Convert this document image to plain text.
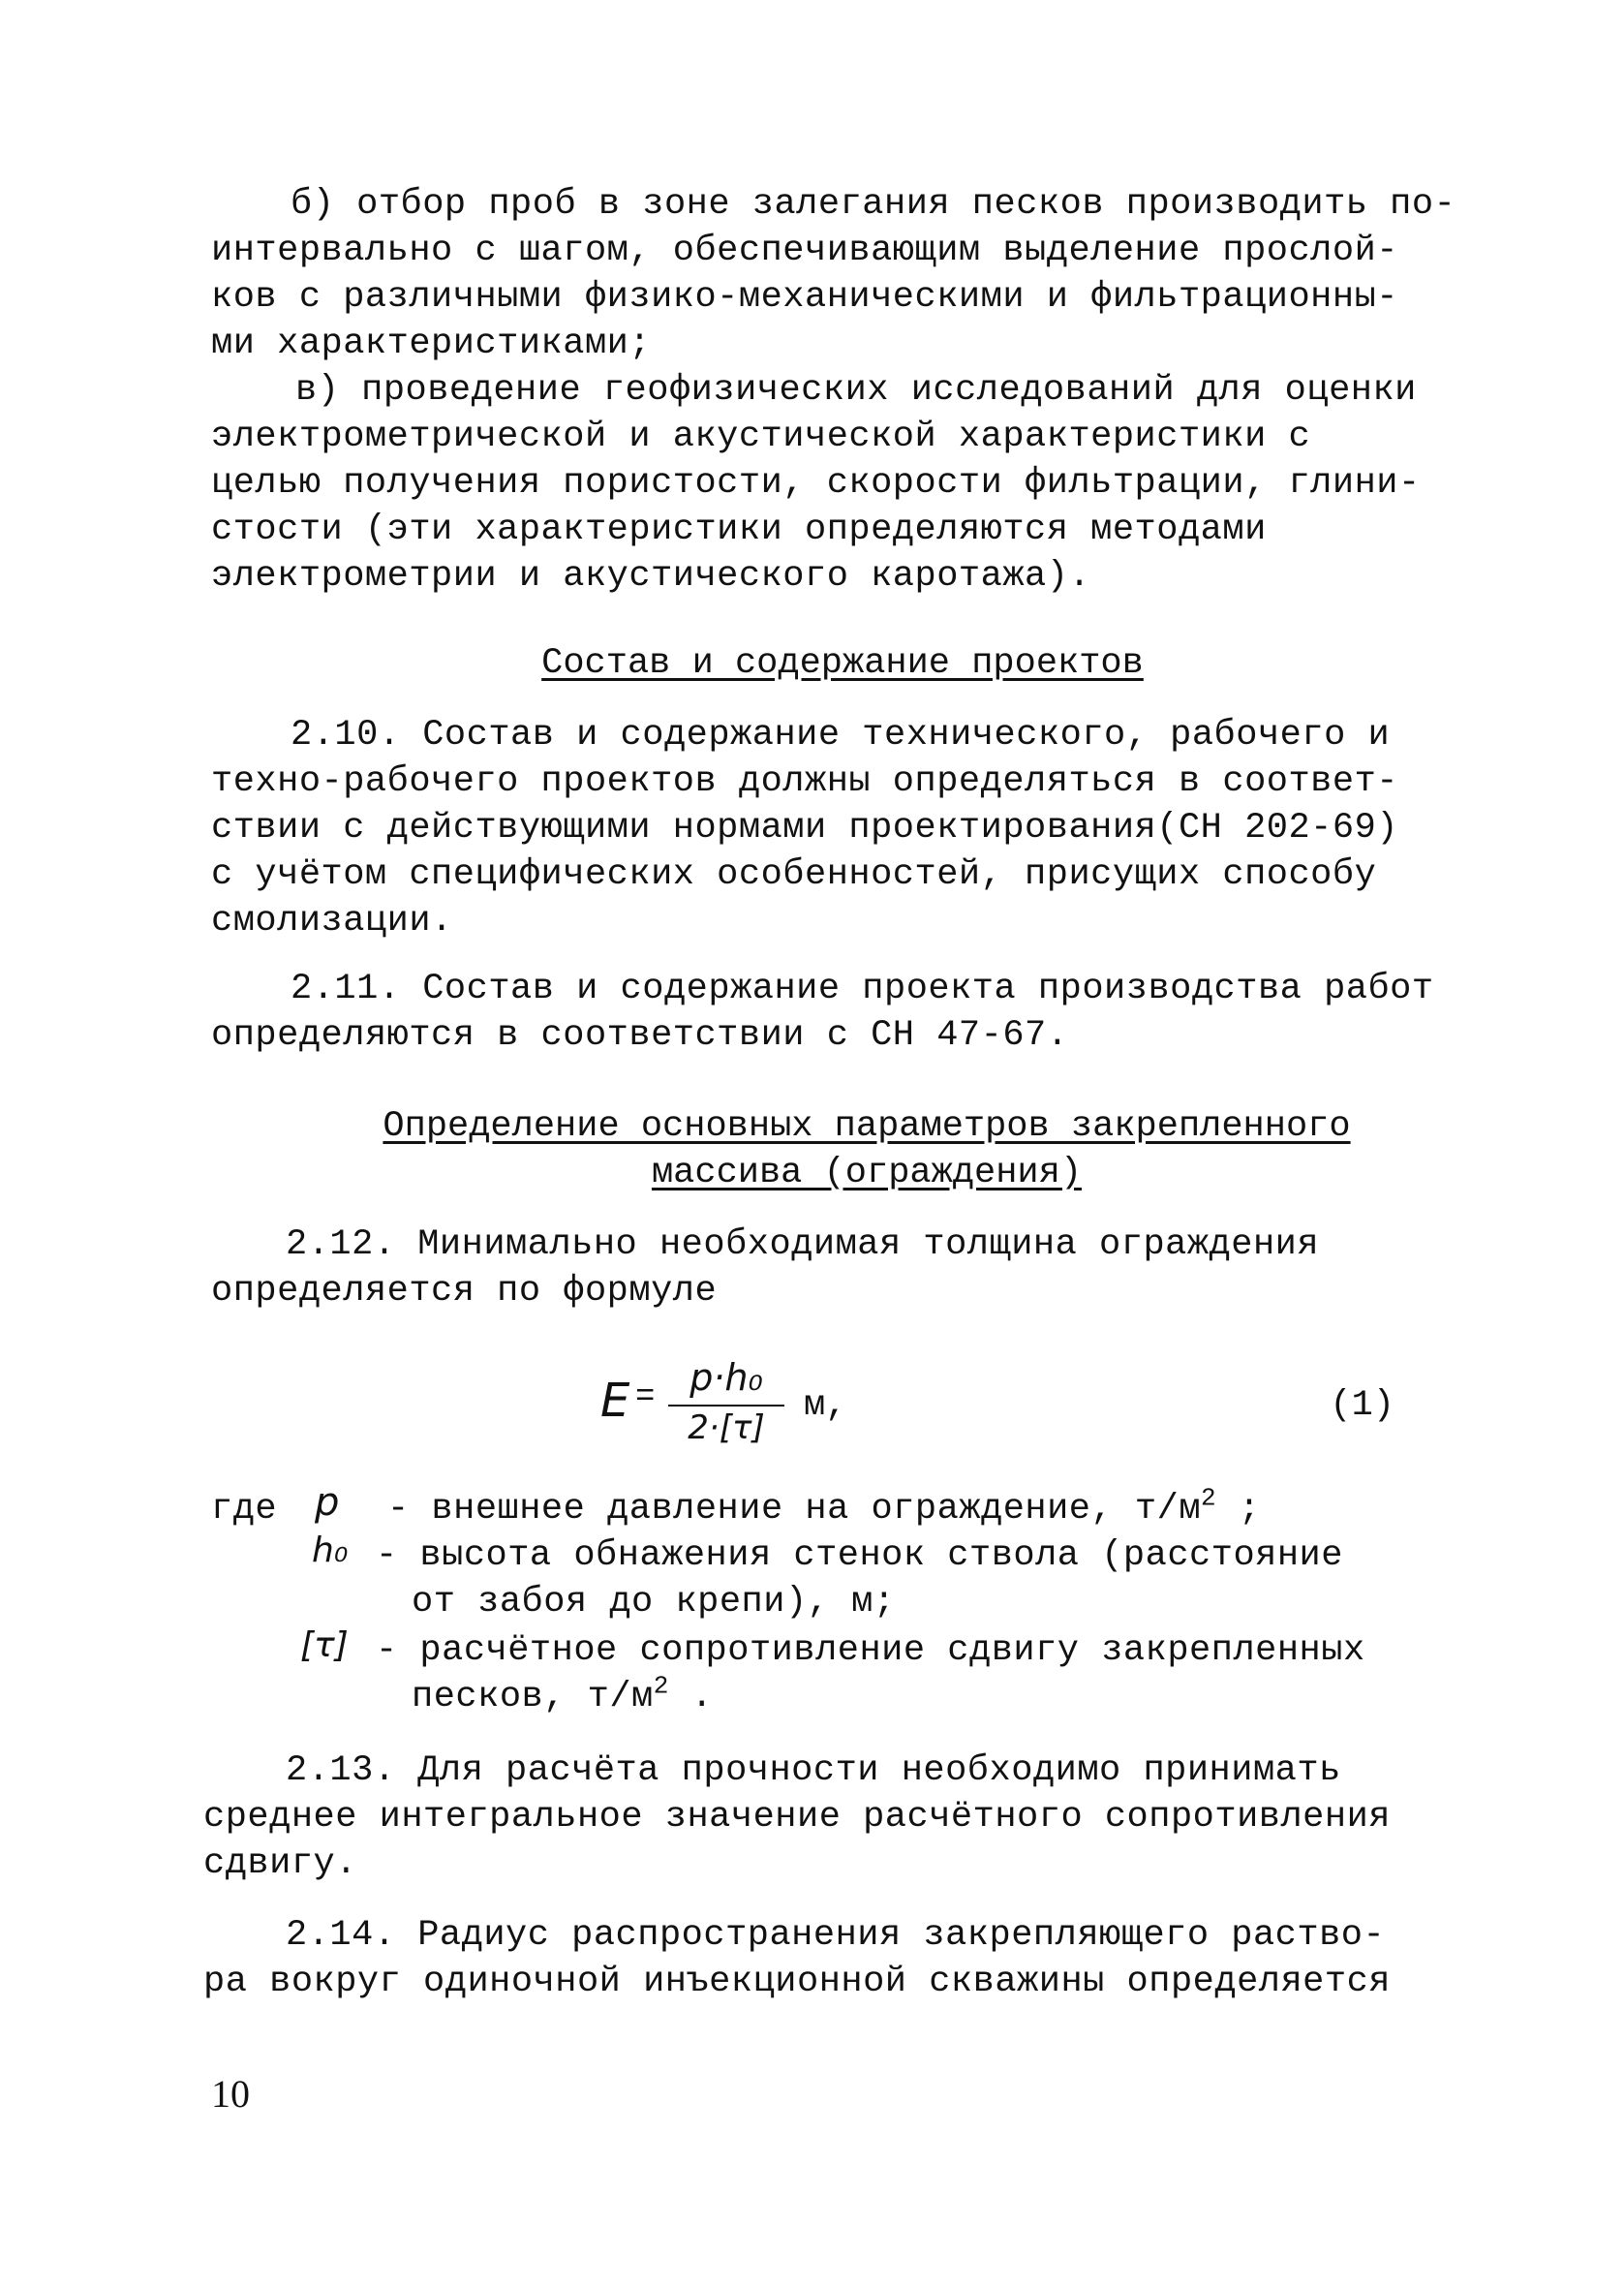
б) отбор проб в зоне залегания песков производить по-
интервально с шагом, обеспечивающим выделение прослой-
ков с различными физико-механическими и фильтрационны-
ми характеристиками;
в) проведение геофизических исследований для оценки
электрометрической и акустической характеристики с
целью получения пористости, скорости фильтрации, глини-
стости (эти характеристики определяются методами
электрометрии и акустического каротажа).
Состав и содержание проектов
2.10. Состав и содержание технического, рабочего и
техно-рабочего проектов должны определяться в соответ-
ствии с действующими нормами проектирования(СН 202-69)
с учётом специфических особенностей, присущих способу
смолизации.
2.11. Состав и содержание проекта производства работ
определяются в соответствии с СН 47-67.
Определение основных параметров закрепленного
массива (ограждения)
2.12. Минимально необходимая толщина ограждения
определяется по формуле
E = p·h₀
2·[τ]
м,	(1)
где p - внешнее давление на ограждение, $т/м^2$ ;
h₀ - высота обнажения стенок ствола (расстояние
от забоя до крепи), м;
[τ] - расчётное сопротивление сдвигу закрепленных
песков, $т/м^2$ .
2.13. Для расчёта прочности необходимо принимать
среднее интегральное значение расчётного сопротивления
сдвигу.
2.14. Радиус распространения закрепляющего раство-
ра вокруг одиночной инъекционной скважины определяется
10
